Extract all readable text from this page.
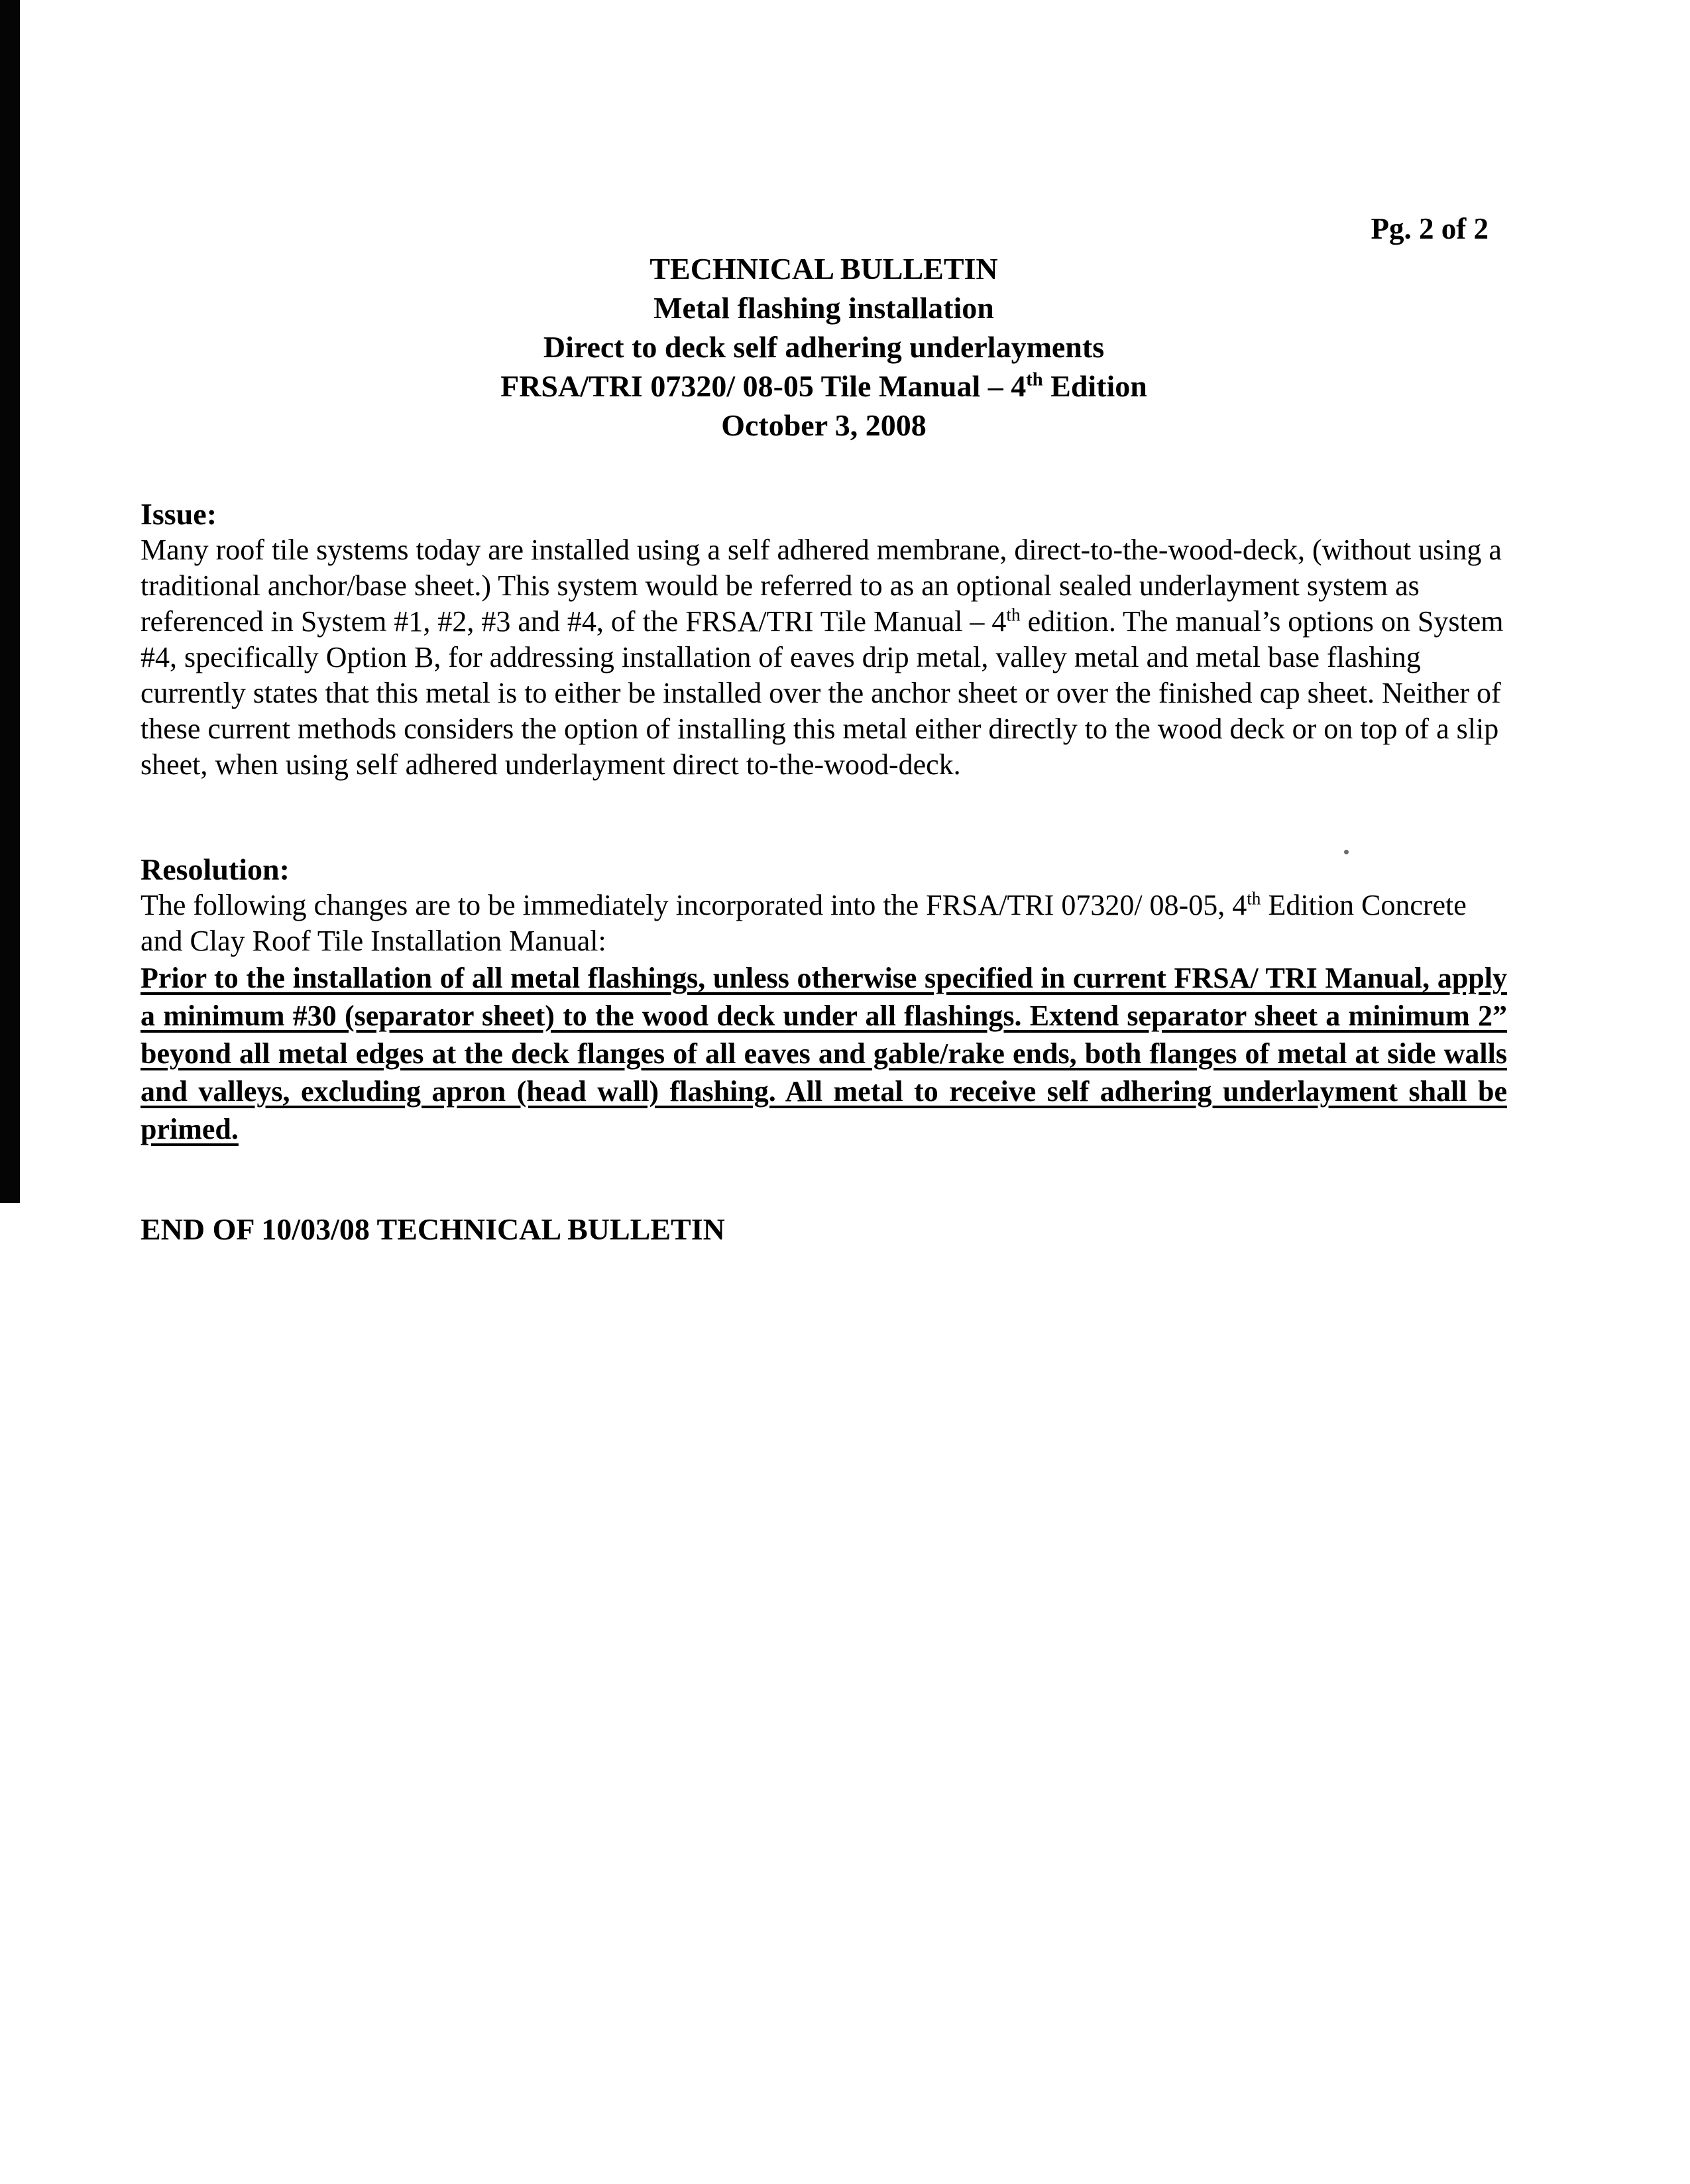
Pg. 2 of 2
TECHNICAL BULLETIN
Metal flashing installation
Direct to deck self adhering underlayments
FRSA/TRI 07320/ 08-05 Tile Manual – 4th Edition
October 3, 2008
Issue:

Many roof tile systems today are installed using a self adhered membrane, direct-to-the-wood-deck, (without using a traditional anchor/base sheet.) This system would be referred to as an optional sealed underlayment system as referenced in System #1, #2, #3 and #4, of the FRSA/TRI Tile Manual – 4th edition. The manual’s options on System #4, specifically Option B, for addressing installation of eaves drip metal, valley metal and metal base flashing currently states that this metal is to either be installed over the anchor sheet or over the finished cap sheet. Neither of these current methods considers the option of installing this metal either directly to the wood deck or on top of a slip sheet, when using self adhered underlayment direct to-the-wood-deck.

Resolution:

The following changes are to be immediately incorporated into the FRSA/TRI 07320/ 08-05, 4th Edition Concrete and Clay Roof Tile Installation Manual:

Prior to the installation of all metal flashings, unless otherwise specified in current FRSA/ TRI Manual, apply a minimum #30 (separator sheet) to the wood deck under all flashings. Extend separator sheet a minimum 2” beyond all metal edges at the deck flanges of all eaves and gable/rake ends, both flanges of metal at side walls and valleys, excluding apron (head wall) flashing. All metal to receive self adhering underlayment shall be primed.

END OF 10/03/08 TECHNICAL BULLETIN
